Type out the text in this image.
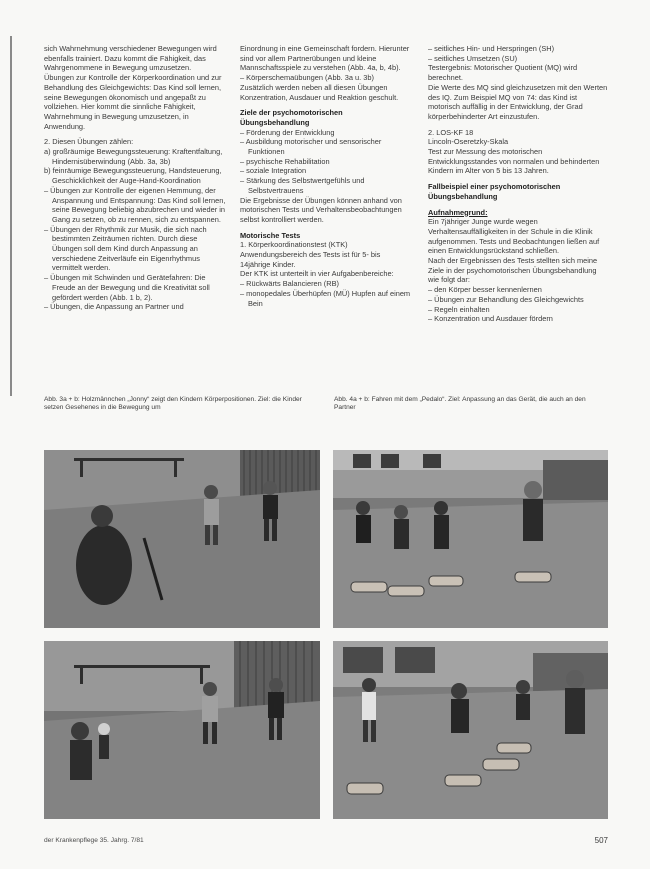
sich Wahrnehmung verschiedener Bewegungen wird ebenfalls trainiert. Dazu kommt die Fähigkeit, das Wahrgenommene in Bewegung umzusetzen.

Übungen zur Kontrolle der Körperkoordination und zur Behandlung des Gleichgewichts: Das Kind soll lernen, seine Bewegungen ökonomisch und angepaßt zu vollziehen. Hier kommt die sinnliche Fähigkeit, Wahrnehmung in Bewegung umzusetzen, in Anwendung.

2. Diesen Übungen zählen:

a) großräumige Bewegungssteuerung: Kraftentfaltung, Hindernisüberwindung (Abb. 3a, 3b)

b) feinräumige Bewegungssteuerung, Handsteuerung, Geschicklichkeit der Auge-Hand-Koordination

– Übungen zur Kontrolle der eigenen Hemmung, der Anspannung und Entspannung: Das Kind soll lernen, seine Bewegung beliebig abzubrechen und wieder in Gang zu setzen, ob zu rennen, sich zu entspannen.

– Übungen der Rhythmik zur Musik, die sich nach bestimmten Zeiträumen richten. Durch diese Übungen soll dem Kind durch Anpassung an verschiedene Zeitverläufe ein Eigenrhythmus vermittelt werden.

– Übungen mit Schwinden und Gerätefahren: Die Freude an der Bewegung und die Kreativität soll gefördert werden (Abb. 1 b, 2).

– Übungen, die Anpassung an Partner und

Einordnung in eine Gemeinschaft fordern. Hierunter sind vor allem Partnerübungen und kleine Mannschaftsspiele zu verstehen (Abb. 4a, b, 4b).

– Körperschemaübungen (Abb. 3a u. 3b)

Zusätzlich werden neben all diesen Übungen Konzentration, Ausdauer und Reaktion geschult.

Ziele der psychomotorischen Übungsbehandlung

– Förderung der Entwicklung

– Ausbildung motorischer und sensorischer Funktionen

– psychische Rehabilitation

– soziale Integration

– Stärkung des Selbstwertgefühls und Selbstvertrauens

Die Ergebnisse der Übungen können anhand von motorischen Tests und Verhaltensbeobachtungen selbst kontrolliert werden.

Motorische Tests

1. Körperkoordinationstest (KTK) Anwendungsbereich des Tests ist für 5- bis 14jährige Kinder.

Der KTK ist unterteilt in vier Aufgabenbereiche:

– Rückwärts Balancieren (RB)

– monopedales Überhüpfen (MÜ) Hupfen auf einem Bein

– seitliches Hin- und Herspringen (SH)

– seitliches Umsetzen (SU)

Testergebnis: Motorischer Quotient (MQ) wird berechnet.

Die Werte des MQ sind gleichzusetzen mit den Werten des IQ. Zum Beispiel MQ von 74: das Kind ist motorisch auffällig in der Entwicklung, der Grad körperbehinderter Art einzustufen.

2. LOS-KF 18

Lincoln-Oseretzky-Skala

Test zur Messung des motorischen Entwicklungsstandes von normalen und behinderten Kindern im Alter von 5 bis 13 Jahren.

Fallbeispiel einer psychomotorischen Übungsbehandlung

Aufnahmegrund:

Ein 7jähriger Junge wurde wegen Verhaltensauffälligkeiten in der Schule in die Klinik aufgenommen. Tests und Beobachtungen ließen auf einen Entwicklungsrückstand schließen.

Nach der Ergebnissen des Tests stellten sich meine Ziele in der psychomotorischen Übungsbehandlung wie folgt dar:

– den Körper besser kennenlernen

– Übungen zur Behandlung des Gleichgewichts

– Regeln einhalten

– Konzentration und Ausdauer fördern

Abb. 3a + b: Holzmännchen „Jonny“ zeigt den Kindern Körperpositionen. Ziel: die Kinder setzen Gesehenes in die Bewegung um

Abb. 4a + b: Fahren mit dem „Pedalo“. Ziel: Anpassung an das Gerät, die auch an den Partner

der Krankenpflege 35. Jahrg. 7/81	507
